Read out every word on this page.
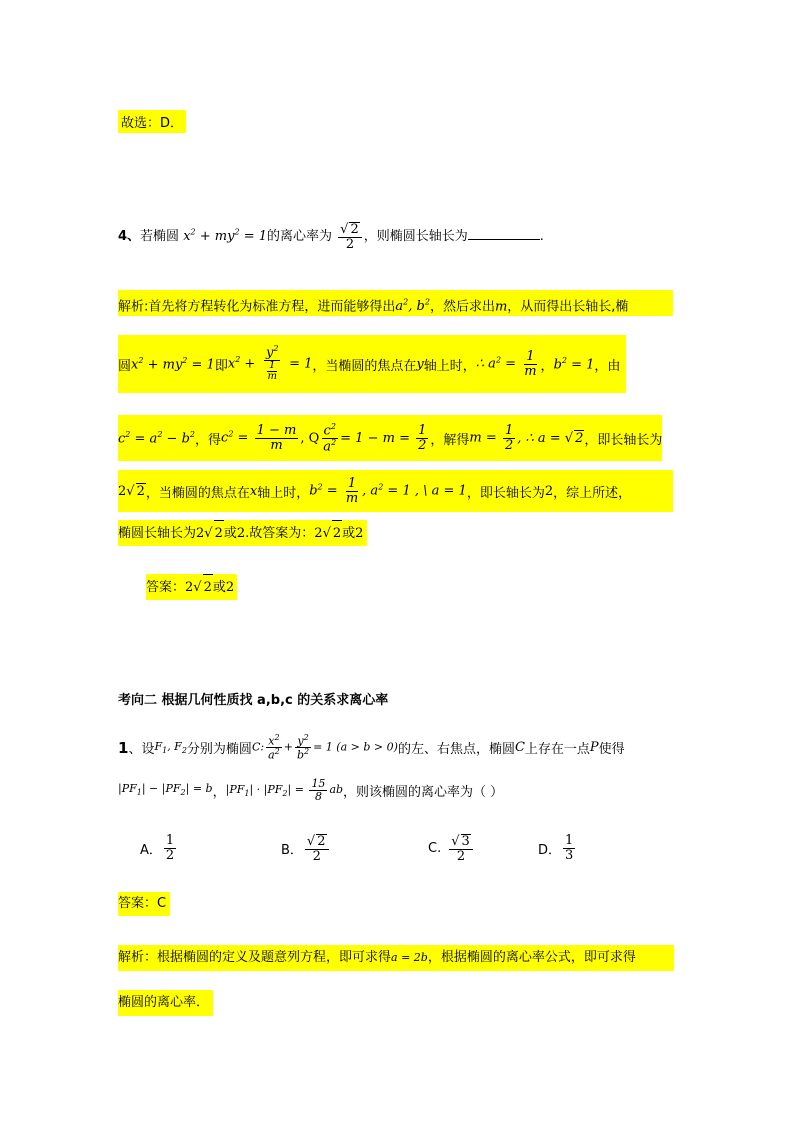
故选：D．
4、若椭圆 $x^2 + my^2 = 1$的离心率为 $\frac{√ 2}{2}$ ，则椭圆长轴长为	.
解析:首先将方程转化为标准方程，进而能够得出$a^2$, $b^2$，然后求出m，从而得出长轴长,椭
圆 $x^2 + my^2 = 1$ 即 $x^2 + \frac{y^2}{\frac{1}{m}} = 1$ ，当椭圆的焦点在 y 轴上时， ∴ $a^2 = \frac{1}{m}$ ， $b^2 = 1$ ，由
$c^2 = a^2 - b^2$ ，得 $c^2 = \frac{1 - m}{m}$ , Q $\frac{c^2}{a^2} = 1 - m = \frac{1}{2}$ ，解得 $m = \frac{1}{2}$ , ∴ a = √ 2 ，即长轴长为
2√ 2 ，当椭圆的焦点在 x 轴上时， $b^2 = \frac{1}{m}$ , $a^2 = 1$ , \ a = 1 ，即长轴长为 2 ，综上所述，
椭圆长轴长为2√ 2或2.故答案为：2√ 2或2
答案：2√ 2或2
考向二 根据几何性质找 a,b,c 的关系求离心率
1 、设 $F_1$, $F_2$ 分别为椭圆 C: $\frac{x^2}{a^2} + \frac{y^2}{b^2} = 1$ (a > b > 0) 的左、右焦点，椭圆 C 上存在一点 P 使得
$|PF_1| - |PF_2| = b$ ， $|PF_1| \cdot |PF_2| = \frac{15}{8}$ ab ，则该椭圆的离心率为（ ）
A． $\frac{1}{2}$	B． $\frac{√ 2}{2}$	C. $\frac{√ 3}{2}$	D． $\frac{1}{3}$
答案：C
解析：根据椭圆的定义及题意列方程，即可求得a = 2b，根据椭圆的离心率公式，即可求得
椭圆的离心率．
